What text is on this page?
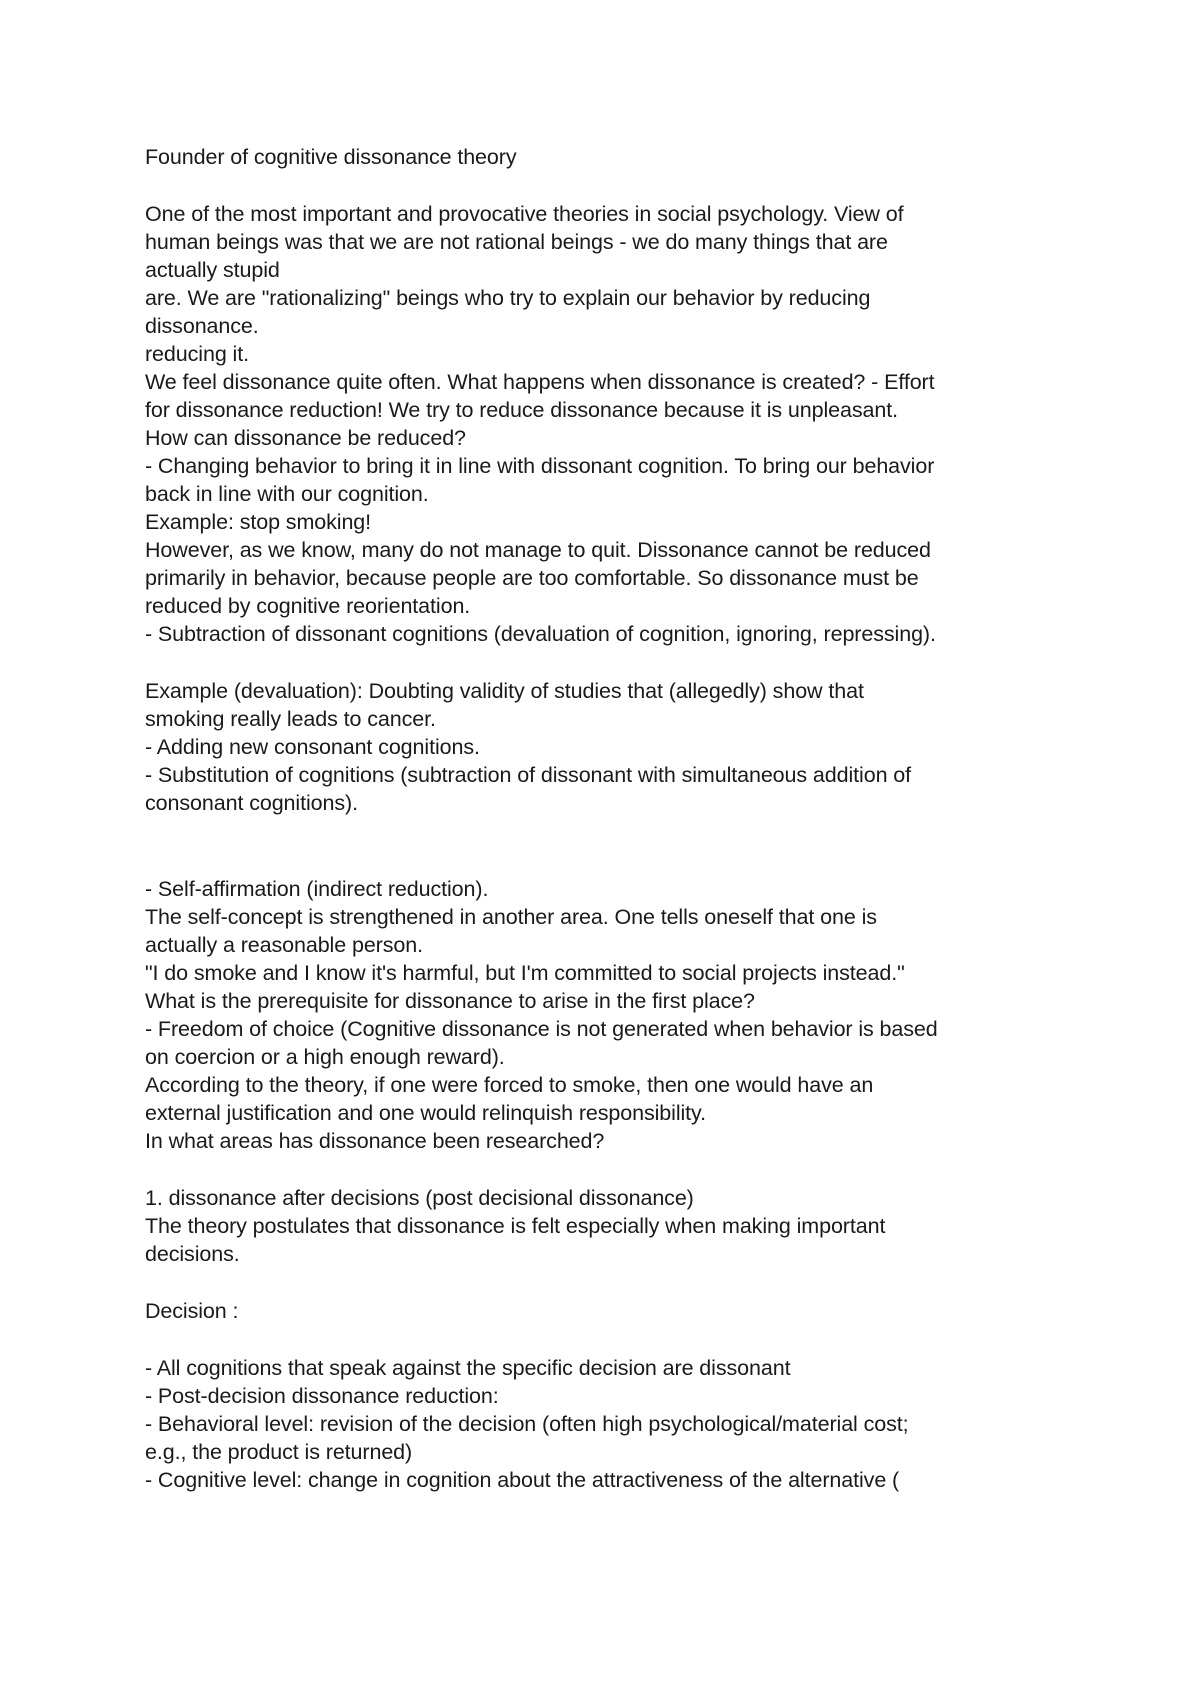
Founder of cognitive dissonance theory
One of the most important and provocative theories in social psychology. View of
human beings was that we are not rational beings - we do many things that are
actually stupid
are. We are "rationalizing" beings who try to explain our behavior by reducing
dissonance.
reducing it.
We feel dissonance quite often. What happens when dissonance is created? - Effort
for dissonance reduction! We try to reduce dissonance because it is unpleasant.
How can dissonance be reduced?
- Changing behavior to bring it in line with dissonant cognition. To bring our behavior
back in line with our cognition.
Example: stop smoking!
However, as we know, many do not manage to quit. Dissonance cannot be reduced
primarily in behavior, because people are too comfortable. So dissonance must be
reduced by cognitive reorientation.
- Subtraction of dissonant cognitions (devaluation of cognition, ignoring, repressing).
Example (devaluation): Doubting validity of studies that (allegedly) show that
smoking really leads to cancer.
- Adding new consonant cognitions.
- Substitution of cognitions (subtraction of dissonant with simultaneous addition of
consonant cognitions).
- Self-affirmation (indirect reduction).
The self-concept is strengthened in another area. One tells oneself that one is
actually a reasonable person.
"I do smoke and I know it's harmful, but I'm committed to social projects instead."
What is the prerequisite for dissonance to arise in the first place?
- Freedom of choice (Cognitive dissonance is not generated when behavior is based
on coercion or a high enough reward).
According to the theory, if one were forced to smoke, then one would have an
external justification and one would relinquish responsibility.
In what areas has dissonance been researched?
1. dissonance after decisions (post decisional dissonance)
The theory postulates that dissonance is felt especially when making important
decisions.
Decision :
- All cognitions that speak against the specific decision are dissonant
- Post-decision dissonance reduction:
- Behavioral level: revision of the decision (often high psychological/material cost;
e.g., the product is returned)
- Cognitive level: change in cognition about the attractiveness of the alternative (
